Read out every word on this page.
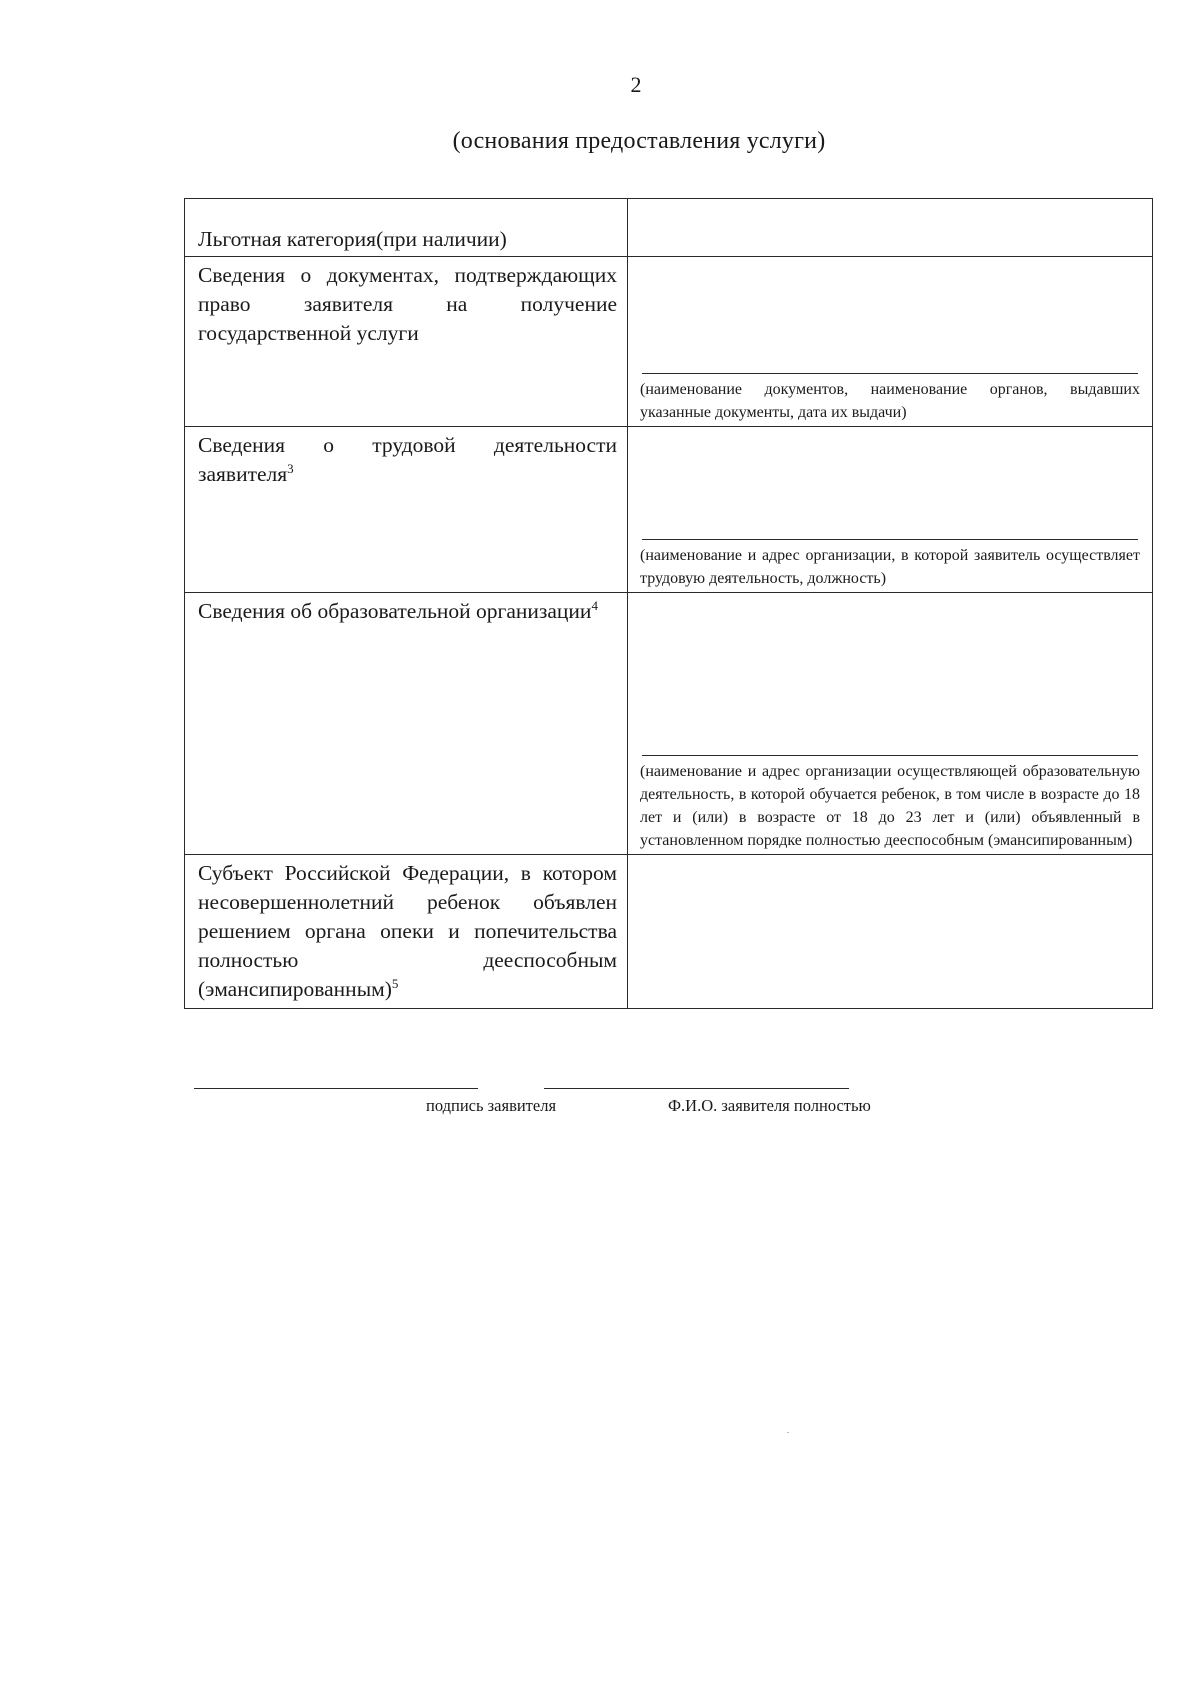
2
(основания предоставления услуги)
Льготная категория(при наличии)	
Сведения о документах, подтверждающих право заявителя на получение государственной услуги	(наименование документов, наименование органов, выдавших указанные документы, дата их выдачи)

Сведения о трудовой деятельности заявителя$^3$	(наименование и адрес организации, в которой заявитель осуществляет трудовую деятельность, должность)

Сведения об образовательной организации$^4$	(наименование и адрес организации осуществляющей образовательную деятельность, в которой обучается ребенок, в том числе в возрасте до 18 лет и (или) в возрасте от 18 до 23 лет и (или) объявленный в установленном порядке полностью дееспособным (эмансипированным)

Субъект Российской Федерации, в котором несовершеннолетний ребенок объявлен решением органа опеки и попечительства полностью дееспособным (эмансипированным)$^5$	
подпись заявителя	Ф.И.О. заявителя полностью
